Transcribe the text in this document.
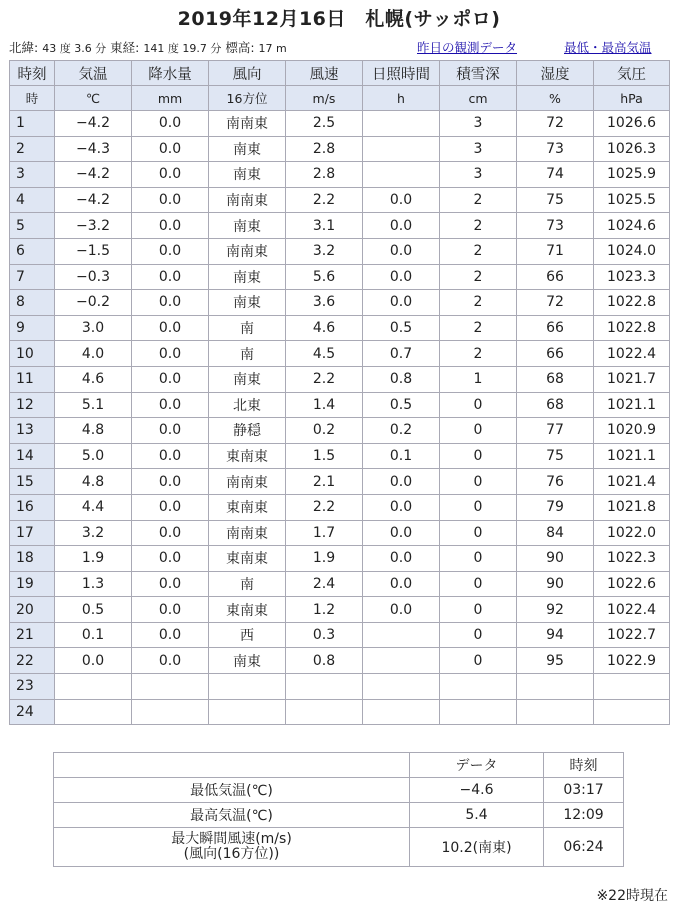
2019年12月16日　札幌(サッポロ)
北緯: 43 度 3.6 分 東経: 141 度 19.7 分 標高: 17 m	昨日の観測データ	最低・最高気温
時刻	気温	降水量	風向	風速	日照時間	積雪深	湿度	気圧
時	℃	mm	16方位	m/s	h	cm	%	hPa
1	−4.2	0.0	南南東	2.5		3	72	1026.6
2	−4.3	0.0	南東	2.8		3	73	1026.3
3	−4.2	0.0	南東	2.8		3	74	1025.9
4	−4.2	0.0	南南東	2.2	0.0	2	75	1025.5
5	−3.2	0.0	南東	3.1	0.0	2	73	1024.6
6	−1.5	0.0	南南東	3.2	0.0	2	71	1024.0
7	−0.3	0.0	南東	5.6	0.0	2	66	1023.3
8	−0.2	0.0	南東	3.6	0.0	2	72	1022.8
9	3.0	0.0	南	4.6	0.5	2	66	1022.8
10	4.0	0.0	南	4.5	0.7	2	66	1022.4
11	4.6	0.0	南東	2.2	0.8	1	68	1021.7
12	5.1	0.0	北東	1.4	0.5	0	68	1021.1
13	4.8	0.0	静穏	0.2	0.2	0	77	1020.9
14	5.0	0.0	東南東	1.5	0.1	0	75	1021.1
15	4.8	0.0	南南東	2.1	0.0	0	76	1021.4
16	4.4	0.0	東南東	2.2	0.0	0	79	1021.8
17	3.2	0.0	南南東	1.7	0.0	0	84	1022.0
18	1.9	0.0	東南東	1.9	0.0	0	90	1022.3
19	1.3	0.0	南	2.4	0.0	0	90	1022.6
20	0.5	0.0	東南東	1.2	0.0	0	92	1022.4
21	0.1	0.0	西	0.3		0	94	1022.7
22	0.0	0.0	南東	0.8		0	95	1022.9
23								
24								
	データ	時刻
最低気温(℃)	−4.6	03:17
最高気温(℃)	5.4	12:09

最大瞬間風速(m/s)
(風向(16方位))	10.2(南東)	06:24
※22時現在
